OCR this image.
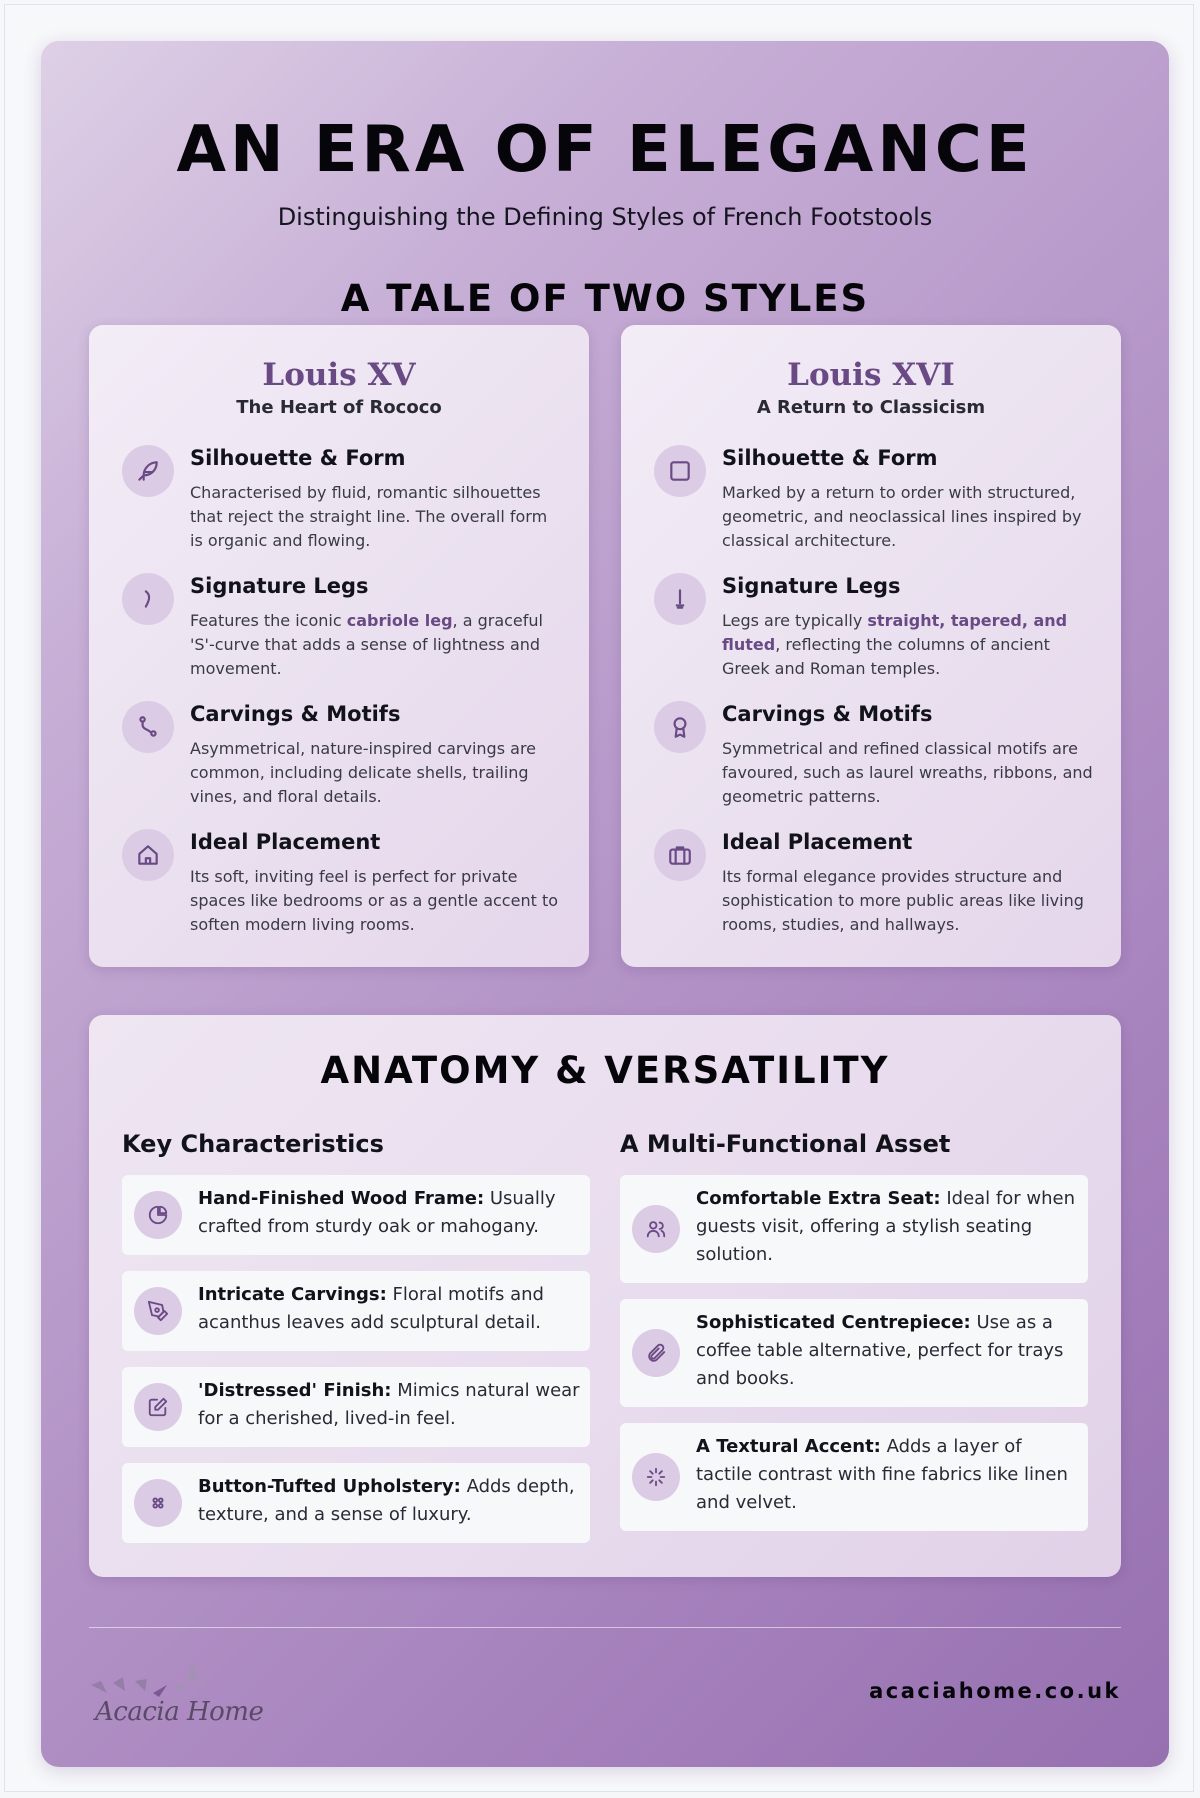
AN ERA OF ELEGANCE

Distinguishing the Defining Styles of French Footstools

A TALE OF TWO STYLES
Louis XV

The Heart of Rococo

Silhouette & Form
Characterised by fluid, romantic silhouettes that reject the straight line. The overall form is organic and flowing.
Signature Legs
Features the iconic cabriole leg, a graceful 'S'-curve that adds a sense of lightness and movement.
Carvings & Motifs
Asymmetrical, nature-inspired carvings are common, including delicate shells, trailing vines, and floral details.
Ideal Placement
Its soft, inviting feel is perfect for private spaces like bedrooms or as a gentle accent to soften modern living rooms.
Louis XVI

A Return to Classicism

Silhouette & Form
Marked by a return to order with structured, geometric, and neoclassical lines inspired by classical architecture.
Signature Legs
Legs are typically straight, tapered, and fluted, reflecting the columns of ancient Greek and Roman temples.
Carvings & Motifs
Symmetrical and refined classical motifs are favoured, such as laurel wreaths, ribbons, and geometric patterns.
Ideal Placement
Its formal elegance provides structure and sophistication to more public areas like living rooms, studies, and hallways.
ANATOMY & VERSATILITY
Key Characteristics	A Multi-Functional Asset
Hand-Finished Wood Frame: Usually crafted from sturdy oak or mahogany.
Intricate Carvings: Floral motifs and acanthus leaves add sculptural detail.
'Distressed' Finish: Mimics natural wear for a cherished, lived-in feel.
Button-Tufted Upholstery: Adds depth, texture, and a sense of luxury.
Comfortable Extra Seat: Ideal for when guests visit, offering a stylish seating solution.
Sophisticated Centrepiece: Use as a coffee table alternative, perfect for trays and books.
A Textural Accent: Adds a layer of tactile contrast with fine fabrics like linen and velvet.
Acacia Home
acaciahome.co.uk
